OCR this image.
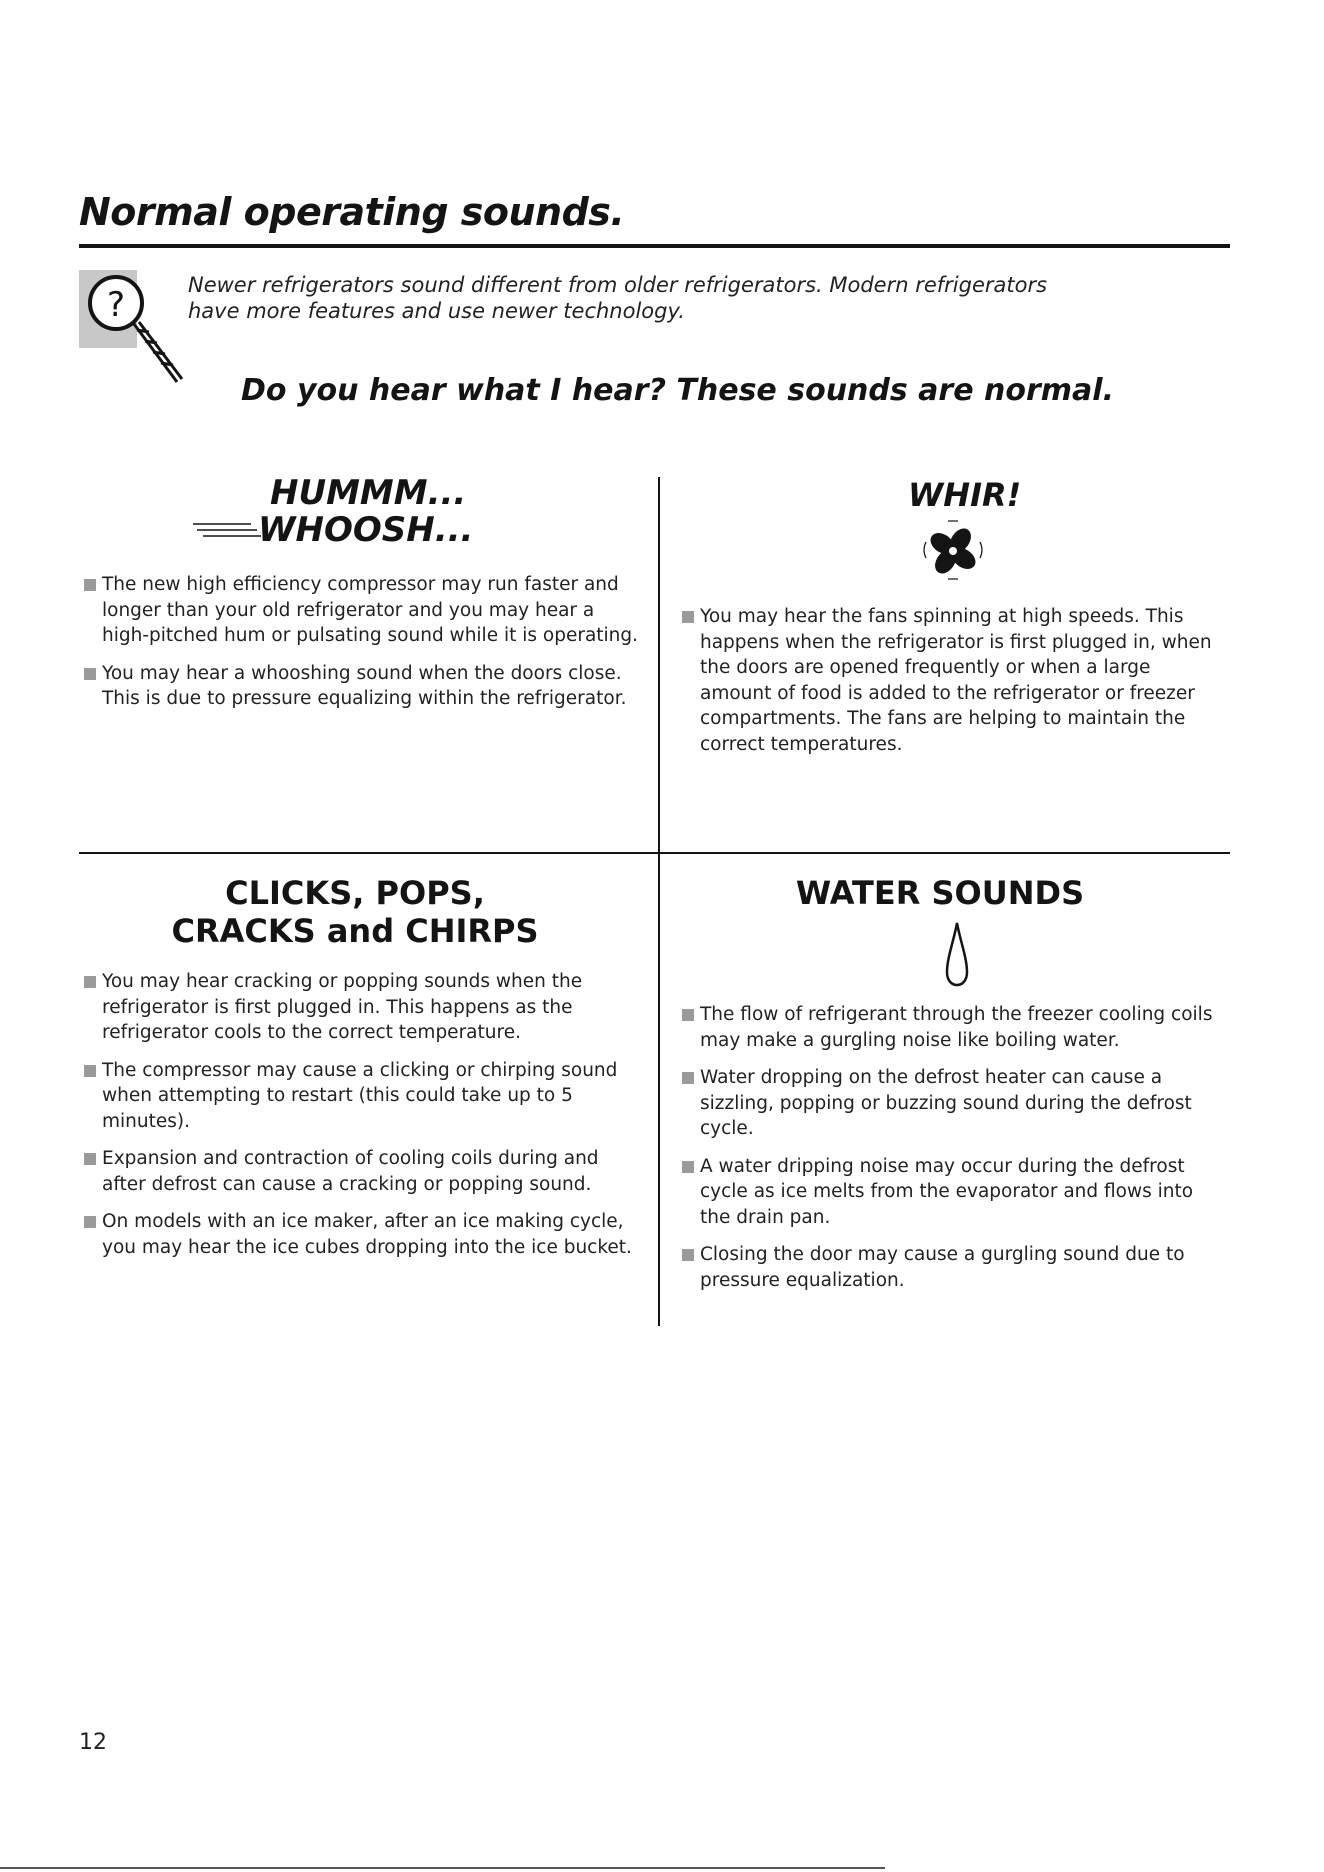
Normal operating sounds.
?	Newer refrigerators sound different from older refrigerators. Modern refrigerators have more features and use newer technology.
Do you hear what I hear? These sounds are normal.
HUMMM...
WHOOSH...
The new high efficiency compressor may run faster and longer than your old refrigerator and you may hear a high-pitched hum or pulsating sound while it is operating.
You may hear a whooshing sound when the doors close. This is due to pressure equalizing within the refrigerator.
WHIR!
You may hear the fans spinning at high speeds. This happens when the refrigerator is first plugged in, when the doors are opened frequently or when a large amount of food is added to the refrigerator or freezer compartments. The fans are helping to maintain the correct temperatures.
CLICKS, POPS,
CRACKS and CHIRPS
You may hear cracking or popping sounds when the refrigerator is first plugged in. This happens as the refrigerator cools to the correct temperature.
The compressor may cause a clicking or chirping sound when attempting to restart (this could take up to 5 minutes).
Expansion and contraction of cooling coils during and after defrost can cause a cracking or popping sound.
On models with an ice maker, after an ice making cycle, you may hear the ice cubes dropping into the ice bucket.
WATER SOUNDS
The flow of refrigerant through the freezer cooling coils may make a gurgling noise like boiling water.
Water dropping on the defrost heater can cause a sizzling, popping or buzzing sound during the defrost cycle.
A water dripping noise may occur during the defrost cycle as ice melts from the evaporator and flows into the drain pan.
Closing the door may cause a gurgling sound due to pressure equalization.
12
